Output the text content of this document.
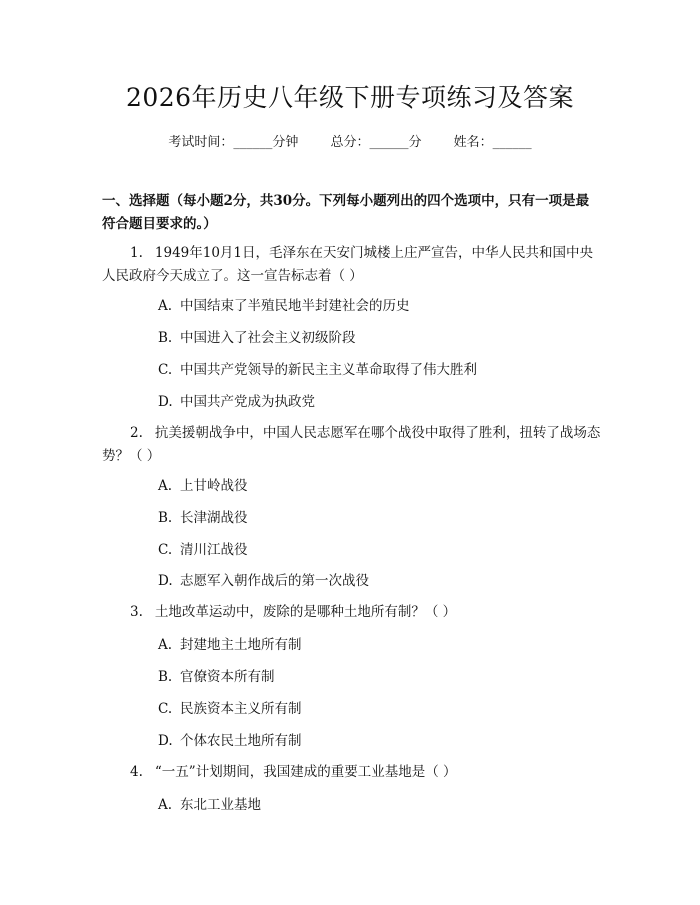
2026年历史八年级下册专项练习及答案
考试时间：______分钟 总分：______分 姓名：______

一、选择题（每小题2分，共30分。下列每小题列出的四个选项中，只有一项是最符合题目要求的。）

1. 1949年10月1日，毛泽东在天安门城楼上庄严宣告，中华人民共和国中央人民政府今天成立了。这一宣告标志着（ ）

A. 中国结束了半殖民地半封建社会的历史
B. 中国进入了社会主义初级阶段
C. 中国共产党领导的新民主主义革命取得了伟大胜利
D. 中国共产党成为执政党

2. 抗美援朝战争中，中国人民志愿军在哪个战役中取得了胜利，扭转了战场态势？（ ）

A. 上甘岭战役
B. 长津湖战役
C. 清川江战役
D. 志愿军入朝作战后的第一次战役

3. 土地改革运动中，废除的是哪种土地所有制？（ ）

A. 封建地主土地所有制
B. 官僚资本所有制
C. 民族资本主义所有制
D. 个体农民土地所有制

4. “一五”计划期间，我国建成的重要工业基地是（ ）

A. 东北工业基地
